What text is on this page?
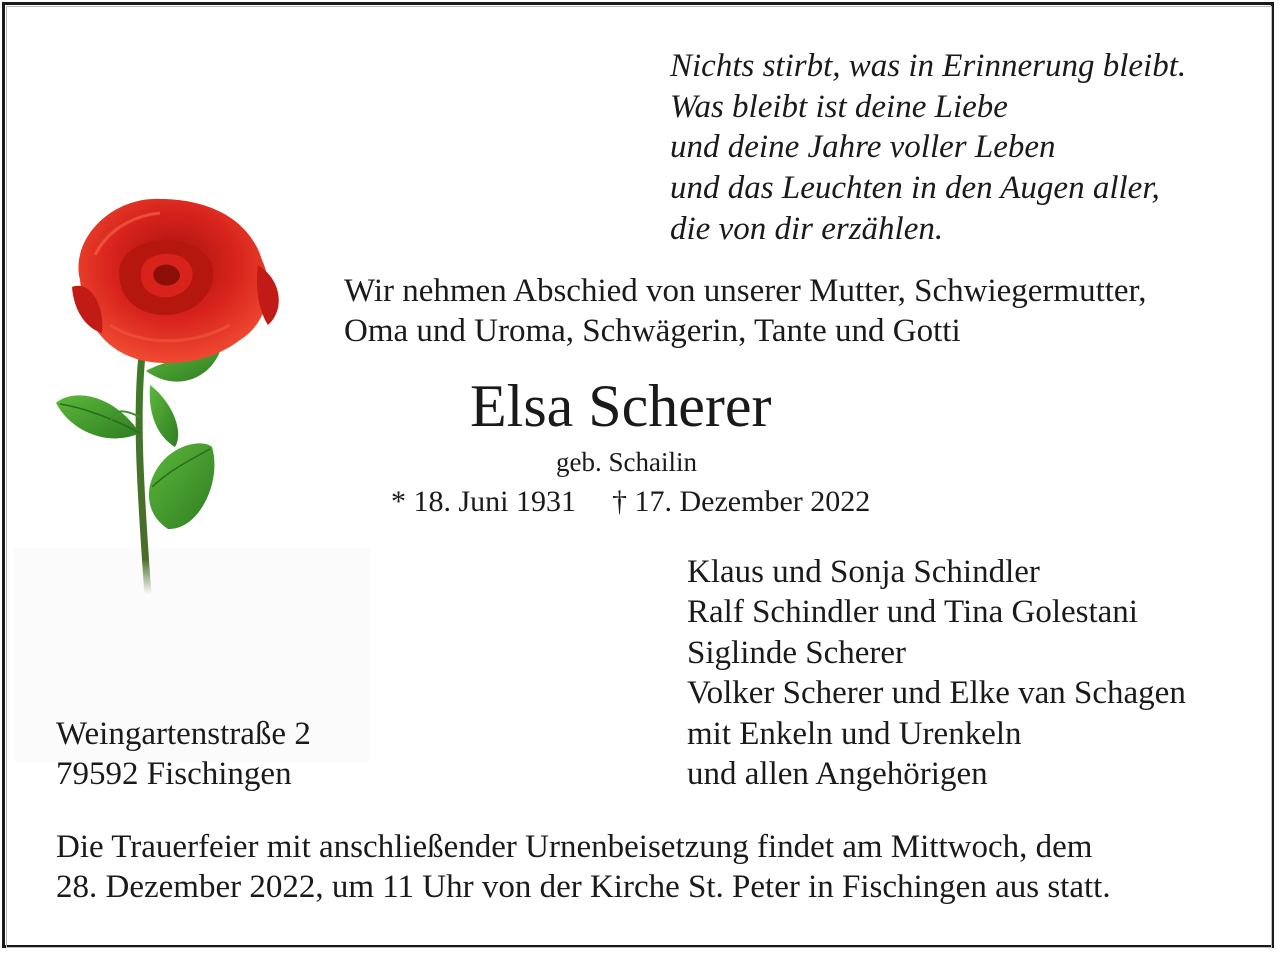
Nichts stirbt, was in Erinnerung bleibt.
Was bleibt ist deine Liebe
und deine Jahre voller Leben
und das Leuchten in den Augen aller,
die von dir erzählen.
Wir nehmen Abschied von unserer Mutter, Schwiegermutter,
Oma und Uroma, Schwägerin, Tante und Gotti
Elsa Scherer
geb. Schailin
* 18. Juni 1931 † 17. Dezember 2022
Klaus und Sonja Schindler
Ralf Schindler und Tina Golestani
Siglinde Scherer
Volker Scherer und Elke van Schagen
mit Enkeln und Urenkeln
und allen Angehörigen
Weingartenstraße 2
79592 Fischingen
Die Trauerfeier mit anschließender Urnenbeisetzung findet am Mittwoch, dem
28. Dezember 2022, um 11 Uhr von der Kirche St. Peter in Fischingen aus statt.
